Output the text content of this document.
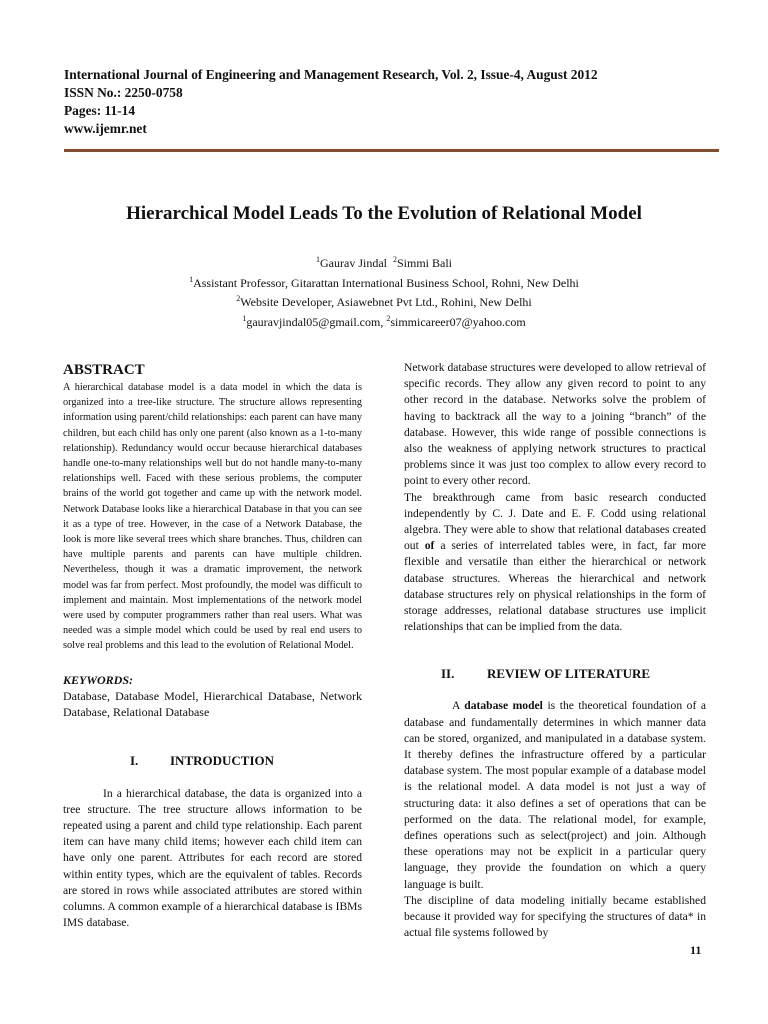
International Journal of Engineering and Management Research, Vol. 2, Issue-4, August 2012
ISSN No.: 2250-0758
Pages: 11-14
www.ijemr.net
Hierarchical Model Leads To the Evolution of Relational Model
$^1$Gaurav Jindal $^2$Simmi Bali
$^1$Assistant Professor, Gitarattan International Business School, Rohni, New Delhi
$^2$Website Developer, Asiawebnet Pvt Ltd., Rohini, New Delhi
$^1$gauravjindal05@gmail.com, $^2$simmicareer07@yahoo.com
ABSTRACT

A hierarchical database model is a data model in which the data is organized into a tree-like structure. The structure allows representing information using parent/child relationships: each parent can have many children, but each child has only one parent (also known as a 1-to-many relationship). Redundancy would occur because hierarchical databases handle one-to-many relationships well but do not handle many-to-many relationships well. Faced with these serious problems, the computer brains of the world got together and came up with the network model. Network Database looks like a hierarchical Database in that you can see it as a type of tree. However, in the case of a Network Database, the look is more like several trees which share branches. Thus, children can have multiple parents and parents can have multiple children. Nevertheless, though it was a dramatic improvement, the network model was far from perfect. Most profoundly, the model was difficult to implement and maintain. Most implementations of the network model were used by computer programmers rather than real users. What was needed was a simple model which could be used by real end users to solve real problems and this lead to the evolution of Relational Model.

KEYWORDS:

Database, Database Model, Hierarchical Database, Network Database, Relational Database

I.	INTRODUCTION

In a hierarchical database, the data is organized into a tree structure. The tree structure allows information to be repeated using a parent and child type relationship. Each parent item can have many child items; however each child item can have only one parent. Attributes for each record are stored within entity types, which are the equivalent of tables. Records are stored in rows while associated attributes are stored within columns. A common example of a hierarchical database is IBMs IMS database.

Network database structures were developed to allow retrieval of specific records. They allow any given record to point to any other record in the database. Networks solve the problem of having to backtrack all the way to a joining “branch” of the database. However, this wide range of possible connections is also the weakness of applying network structures to practical problems since it was just too complex to allow every record to point to every other record.

The breakthrough came from basic research conducted independently by C. J. Date and E. F. Codd using relational algebra. They were able to show that relational databases created out of a series of interrelated tables were, in fact, far more flexible and versatile than either the hierarchical or network database structures. Whereas the hierarchical and network database structures rely on physical relationships in the form of storage addresses, relational database structures use implicit relationships that can be implied from the data.

II.	REVIEW OF LITERATURE

A database model is the theoretical foundation of a database and fundamentally determines in which manner data can be stored, organized, and manipulated in a database system. It thereby defines the infrastructure offered by a particular database system. The most popular example of a database model is the relational model. A data model is not just a way of structuring data: it also defines a set of operations that can be performed on the data. The relational model, for example, defines operations such as select(project) and join. Although these operations may not be explicit in a particular query language, they provide the foundation on which a query language is built.

The discipline of data modeling initially became established because it provided way for specifying the structures of data* in actual file systems followed by

11
